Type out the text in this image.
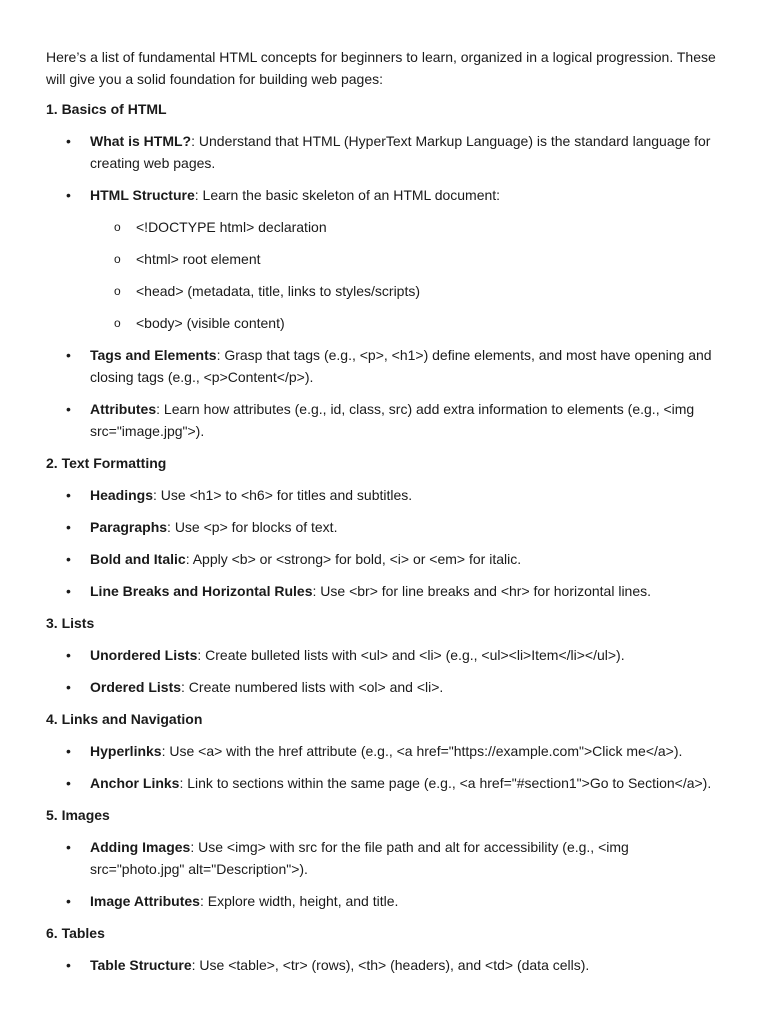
Here’s a list of fundamental HTML concepts for beginners to learn, organized in a logical progression. These will give you a solid foundation for building web pages:

1. Basics of HTML
• What is HTML?: Understand that HTML (HyperText Markup Language) is the standard language for creating web pages.
• HTML Structure: Learn the basic skeleton of an HTML document:
o <!DOCTYPE html> declaration
o <html> root element
o <head> (metadata, title, links to styles/scripts)
o <body> (visible content)
• Tags and Elements: Grasp that tags (e.g., <p>, <h1>) define elements, and most have opening and closing tags (e.g., <p>Content</p>).
• Attributes: Learn how attributes (e.g., id, class, src) add extra information to elements (e.g., <img src="image.jpg">).
2. Text Formatting
• Headings: Use <h1> to <h6> for titles and subtitles.
• Paragraphs: Use <p> for blocks of text.
• Bold and Italic: Apply <b> or <strong> for bold, <i> or <em> for italic.
• Line Breaks and Horizontal Rules: Use <br> for line breaks and <hr> for horizontal lines.
3. Lists
• Unordered Lists: Create bulleted lists with <ul> and <li> (e.g., <ul><li>Item</li></ul>).
• Ordered Lists: Create numbered lists with <ol> and <li>.
4. Links and Navigation
• Hyperlinks: Use <a> with the href attribute (e.g., <a href="https://example.com">Click me</a>).
• Anchor Links: Link to sections within the same page (e.g., <a href="#section1">Go to Section</a>).
5. Images
• Adding Images: Use <img> with src for the file path and alt for accessibility (e.g., <img src="photo.jpg" alt="Description">).
• Image Attributes: Explore width, height, and title.
6. Tables
• Table Structure: Use <table>, <tr> (rows), <th> (headers), and <td> (data cells).
